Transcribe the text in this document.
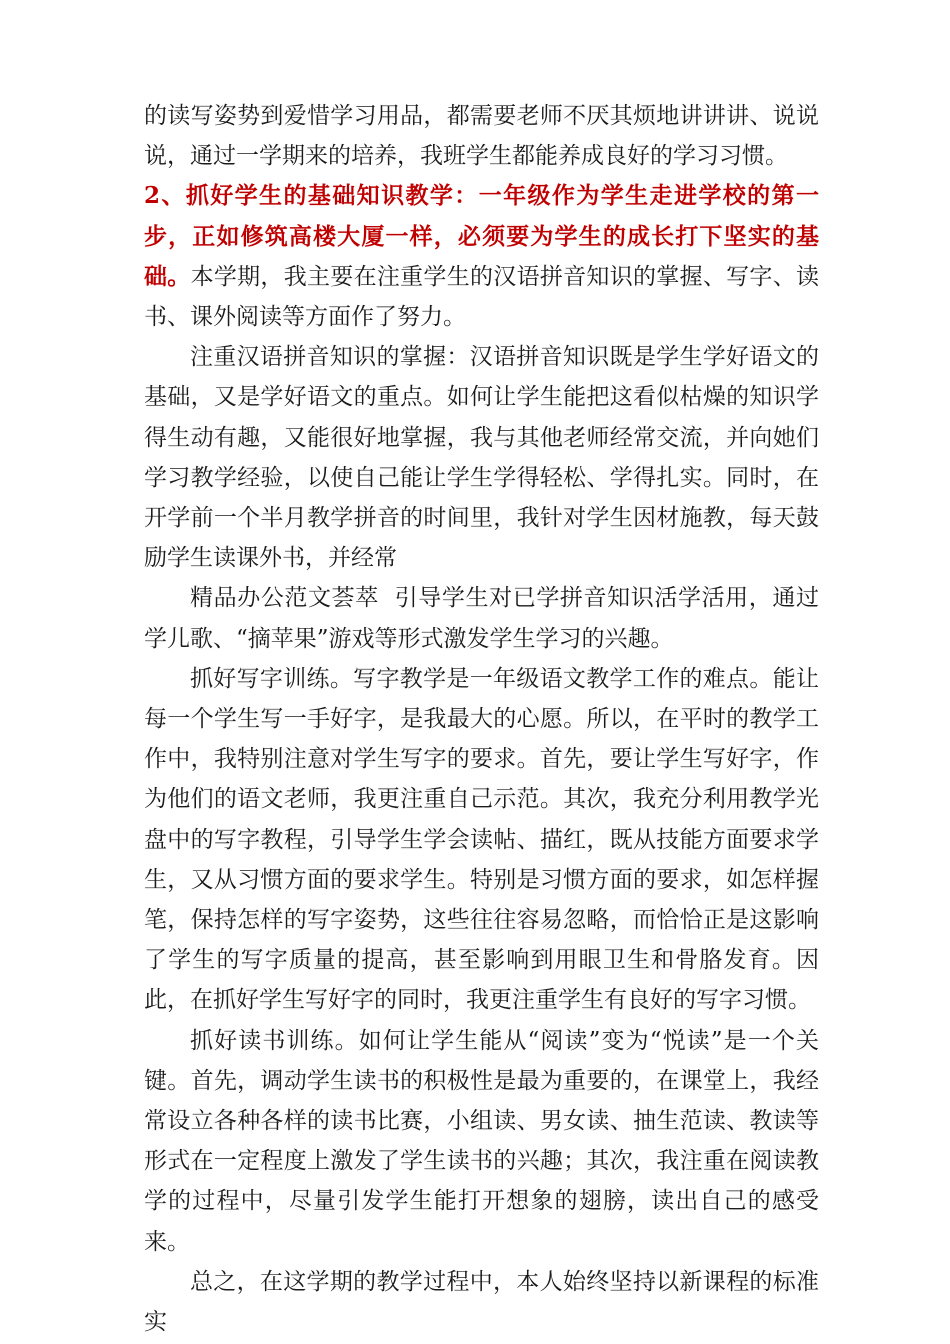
的读写姿势到爱惜学习用品，都需要老师不厌其烦地讲讲讲、说说说，通过一学期来的培养，我班学生都能养成良好的学习习惯。

2、抓好学生的基础知识教学：一年级作为学生走进学校的第一步，正如修筑高楼大厦一样，必须要为学生的成长打下坚实的基础。本学期，我主要在注重学生的汉语拼音知识的掌握、写字、读书、课外阅读等方面作了努力。

注重汉语拼音知识的掌握：汉语拼音知识既是学生学好语文的基础，又是学好语文的重点。如何让学生能把这看似枯燥的知识学得生动有趣，又能很好地掌握，我与其他老师经常交流，并向她们学习教学经验，以使自己能让学生学得轻松、学得扎实。同时，在开学前一个半月教学拼音的时间里，我针对学生因材施教，每天鼓励学生读课外书，并经常

精品办公范文荟萃  引导学生对已学拼音知识活学活用，通过学儿歌、“摘苹果”游戏等形式激发学生学习的兴趣。

抓好写字训练。写字教学是一年级语文教学工作的难点。能让每一个学生写一手好字，是我最大的心愿。所以，在平时的教学工作中，我特别注意对学生写字的要求。首先，要让学生写好字，作为他们的语文老师，我更注重自己示范。其次，我充分利用教学光盘中的写字教程，引导学生学会读帖、描红，既从技能方面要求学生，又从习惯方面的要求学生。特别是习惯方面的要求，如怎样握笔，保持怎样的写字姿势，这些往往容易忽略，而恰恰正是这影响了学生的写字质量的提高，甚至影响到用眼卫生和骨胳发育。因此，在抓好学生写好字的同时，我更注重学生有良好的写字习惯。

抓好读书训练。如何让学生能从“阅读”变为“悦读”是一个关键。首先，调动学生读书的积极性是最为重要的，在课堂上，我经常设立各种各样的读书比赛，小组读、男女读、抽生范读、教读等形式在一定程度上激发了学生读书的兴趣；其次，我注重在阅读教学的过程中，尽量引发学生能打开想象的翅膀，读出自己的感受来。

总之，在这学期的教学过程中，本人始终坚持以新课程的标准实
